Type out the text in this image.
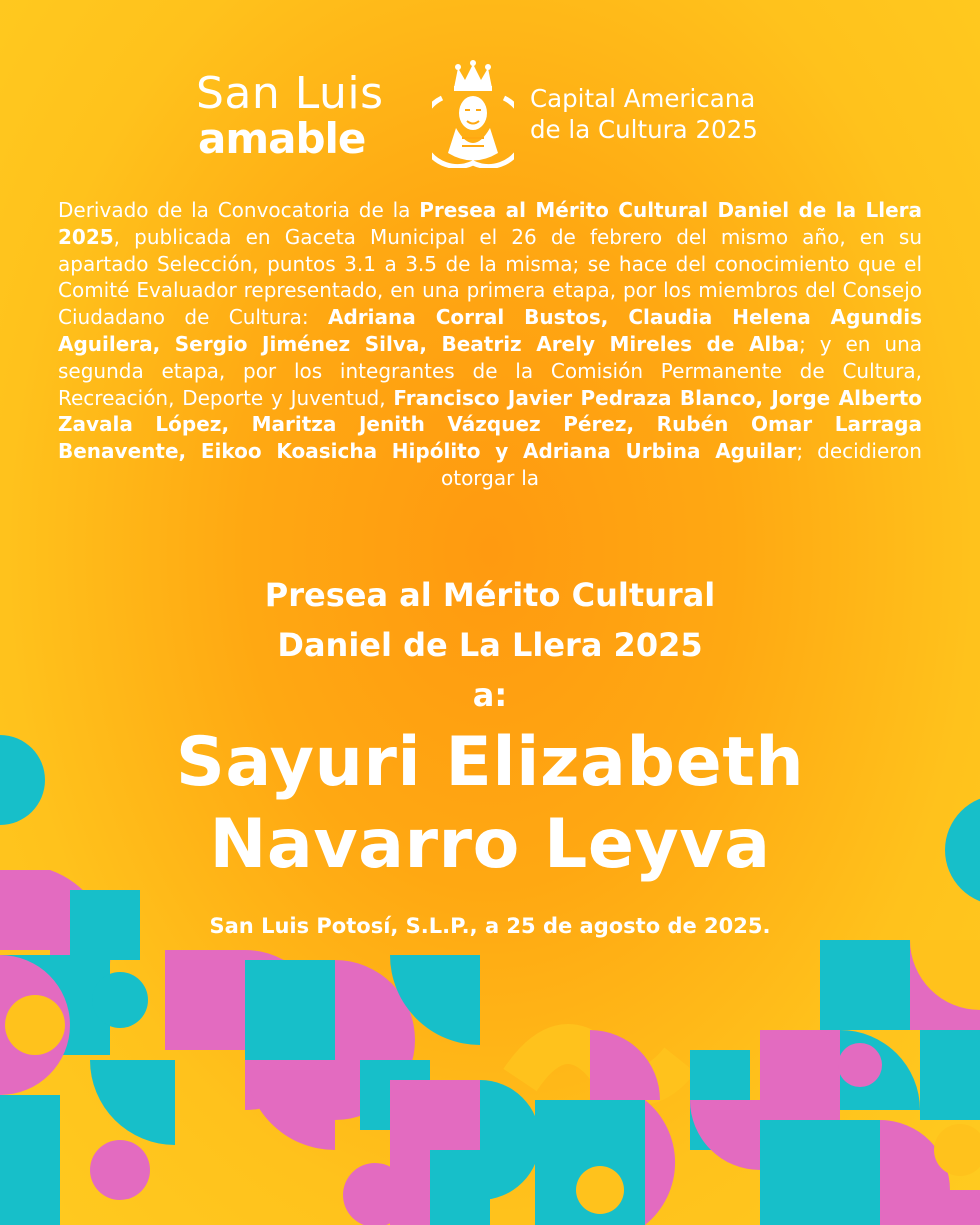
San Luis
amable
Capital Americana
de la Cultura 2025
Derivado de la Convocatoria de la Presea al Mérito Cultural Daniel de la Llera 2025, publicada en Gaceta Municipal el 26 de febrero del mismo año, en su apartado Selección, puntos 3.1 a 3.5 de la misma; se hace del conocimiento que el Comité Evaluador representado, en una primera etapa, por los miembros del Consejo Ciudadano de Cultura: Adriana Corral Bustos, Claudia Helena Agundis Aguilera, Sergio Jiménez Silva, Beatriz Arely Mireles de Alba; y en una segunda etapa, por los integrantes de la Comisión Permanente de Cultura, Recreación, Deporte y Juventud, Francisco Javier Pedraza Blanco, Jorge Alberto Zavala López, Maritza Jenith Vázquez Pérez, Rubén Omar Larraga Benavente, Eikoo Koasicha Hipólito y Adriana Urbina Aguilar; decidieron otorgar la
Presea al Mérito Cultural
Daniel de La Llera 2025
a:
Sayuri Elizabeth
Navarro Leyva
San Luis Potosí, S.L.P., a 25 de agosto de 2025.
